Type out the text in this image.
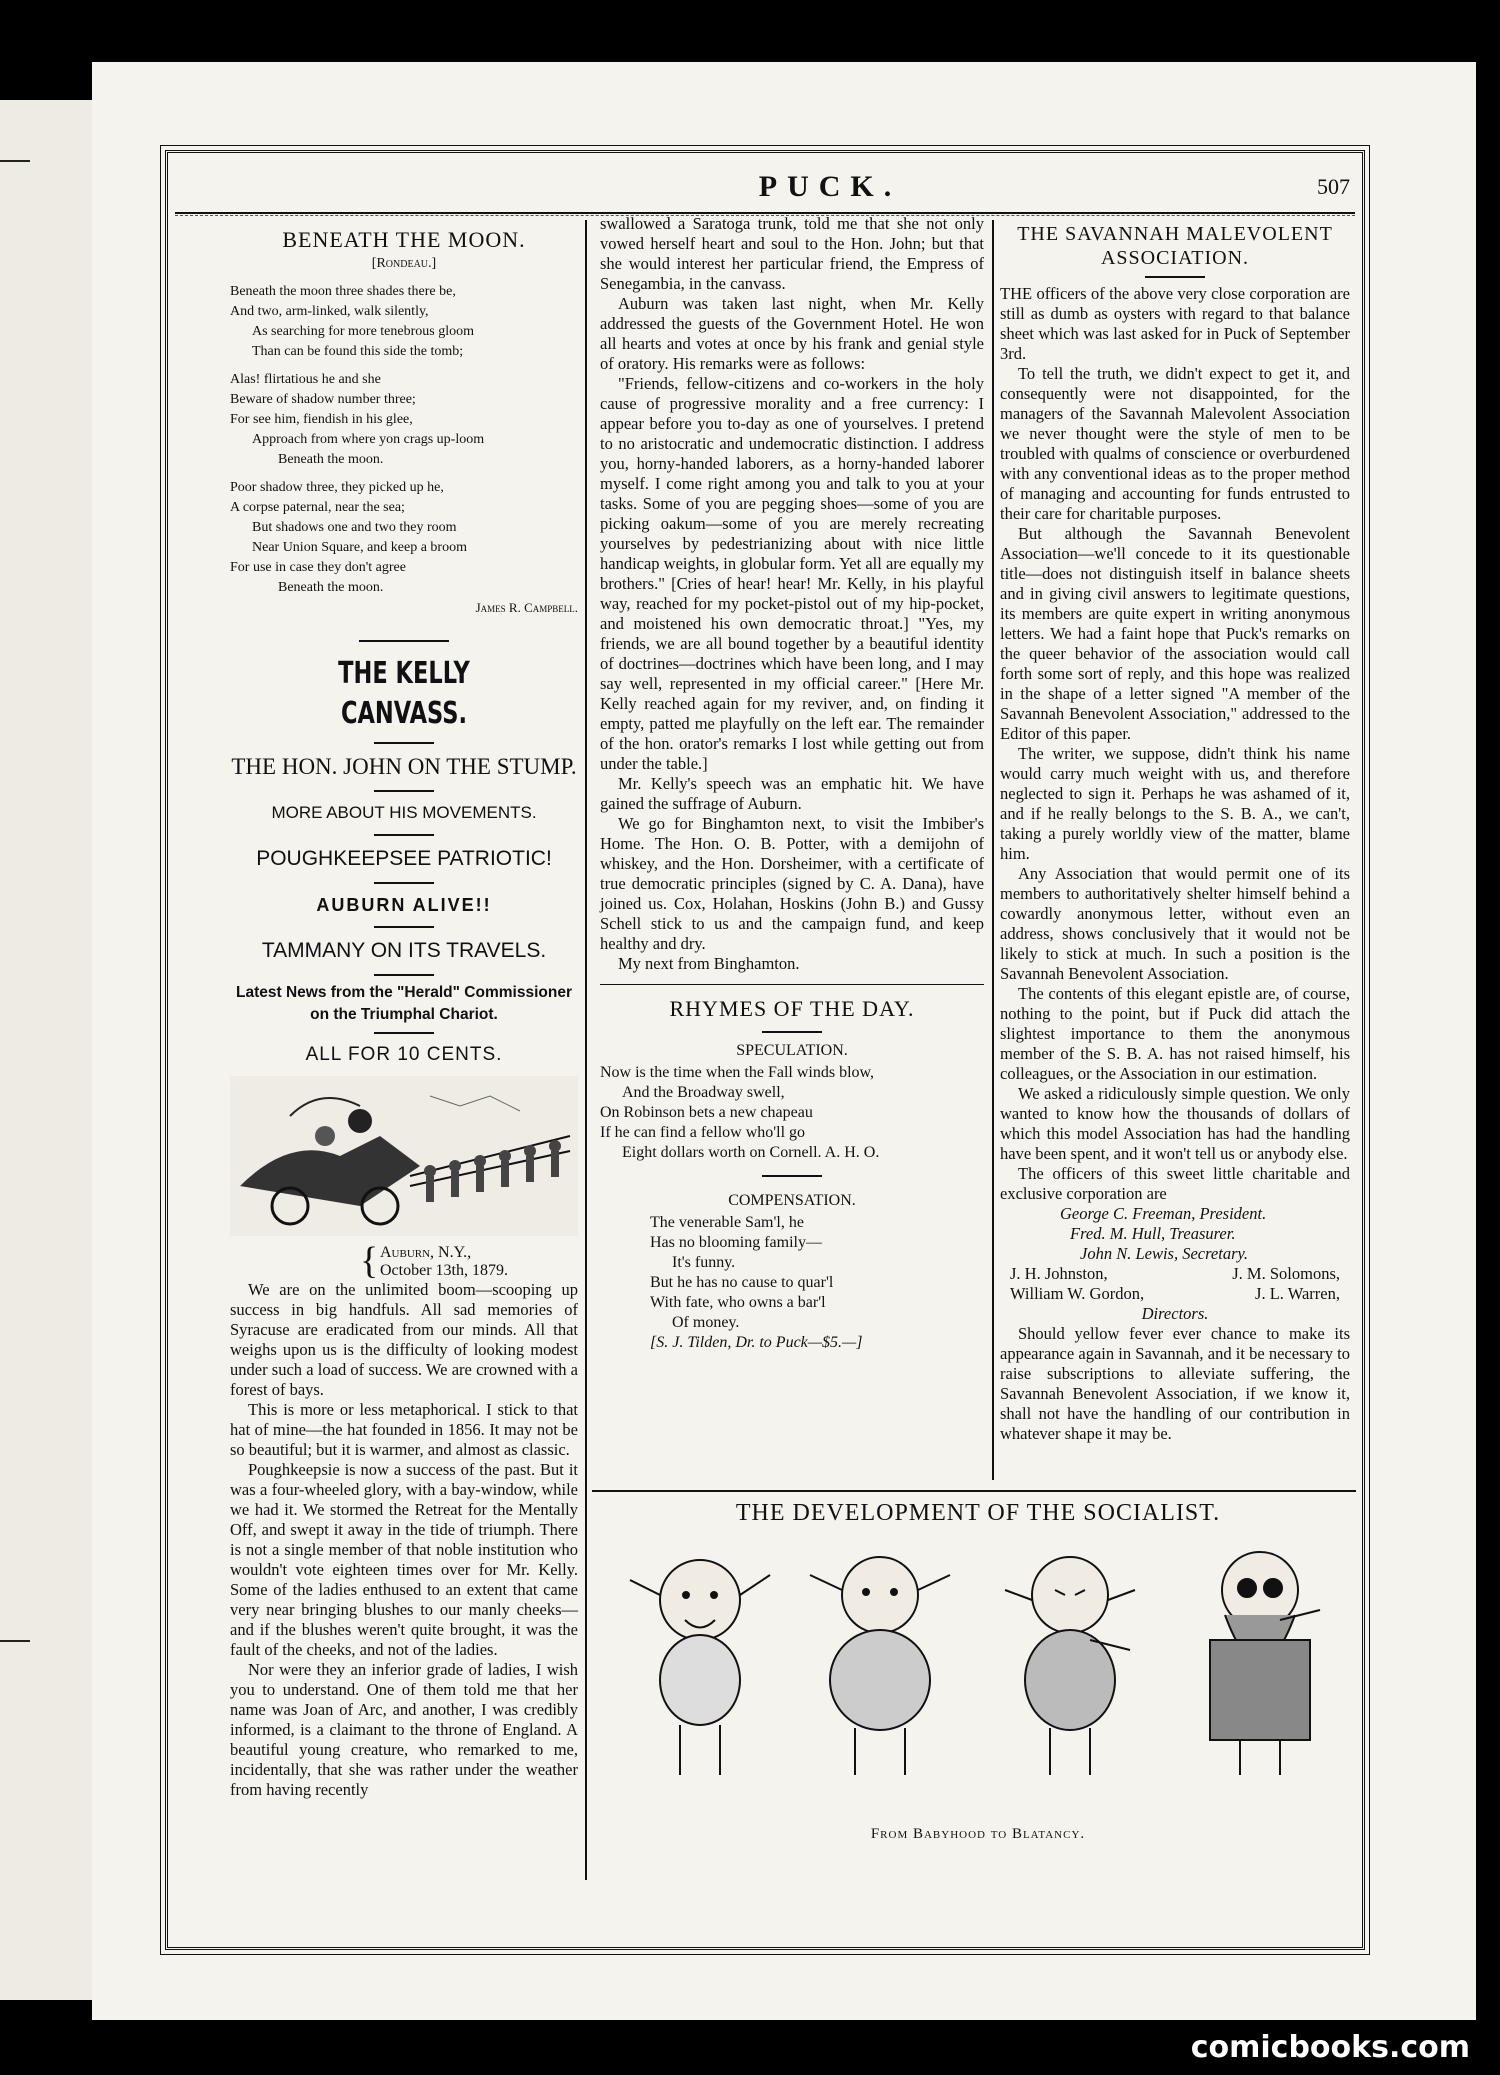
PUCK.	507
BENEATH THE MOON.
[Rondeau.]

Beneath the moon three shades there be,

And two, arm-linked, walk silently,

As searching for more tenebrous gloom

Than can be found this side the tomb;

Alas! flirtatious he and she

Beware of shadow number three;

For see him, fiendish in his glee,

Approach from where yon crags up-loom

Beneath the moon.

Poor shadow three, they picked up he,

A corpse paternal, near the sea;

But shadows one and two they room

Near Union Square, and keep a broom

For use in case they don't agree

Beneath the moon.

James R. Campbell.
THE KELLY CANVASS.
THE HON. JOHN ON THE STUMP.
MORE ABOUT HIS MOVEMENTS.
POUGHKEEPSEE PATRIOTIC!
AUBURN ALIVE!!
TAMMANY ON ITS TRAVELS.
Latest News from the "Herald" Commissioner on the Triumphal Chariot.
ALL FOR 10 CENTS.
{ Auburn, N.Y.,
October 13th, 1879.

We are on the unlimited boom—scooping up success in big handfuls. All sad memories of Syracuse are eradicated from our minds. All that weighs upon us is the difficulty of looking modest under such a load of success. We are crowned with a forest of bays.

This is more or less metaphorical. I stick to that hat of mine—the hat founded in 1856. It may not be so beautiful; but it is warmer, and almost as classic.

Poughkeepsie is now a success of the past. But it was a four-wheeled glory, with a bay-window, while we had it. We stormed the Retreat for the Mentally Off, and swept it away in the tide of triumph. There is not a single member of that noble institution who wouldn't vote eighteen times over for Mr. Kelly. Some of the ladies enthused to an extent that came very near bringing blushes to our manly cheeks—and if the blushes weren't quite brought, it was the fault of the cheeks, and not of the ladies.

Nor were they an inferior grade of ladies, I wish you to understand. One of them told me that her name was Joan of Arc, and another, I was credibly informed, is a claimant to the throne of England. A beautiful young creature, who remarked to me, incidentally, that she was rather under the weather from having recently

swallowed a Saratoga trunk, told me that she not only vowed herself heart and soul to the Hon. John; but that she would interest her particular friend, the Empress of Senegambia, in the canvass.

Auburn was taken last night, when Mr. Kelly addressed the guests of the Government Hotel. He won all hearts and votes at once by his frank and genial style of oratory. His remarks were as follows:

"Friends, fellow-citizens and co-workers in the holy cause of progressive morality and a free currency: I appear before you to-day as one of yourselves. I pretend to no aristocratic and undemocratic distinction. I address you, horny-handed laborers, as a horny-handed laborer myself. I come right among you and talk to you at your tasks. Some of you are pegging shoes—some of you are picking oakum—some of you are merely recreating yourselves by pedestrianizing about with nice little handicap weights, in globular form. Yet all are equally my brothers." [Cries of hear! hear! Mr. Kelly, in his playful way, reached for my pocket-pistol out of my hip-pocket, and moistened his own democratic throat.] "Yes, my friends, we are all bound together by a beautiful identity of doctrines—doctrines which have been long, and I may say well, represented in my official career." [Here Mr. Kelly reached again for my reviver, and, on finding it empty, patted me playfully on the left ear. The remainder of the hon. orator's remarks I lost while getting out from under the table.]

Mr. Kelly's speech was an emphatic hit. We have gained the suffrage of Auburn.

We go for Binghamton next, to visit the Imbiber's Home. The Hon. O. B. Potter, with a demijohn of whiskey, and the Hon. Dorsheimer, with a certificate of true democratic principles (signed by C. A. Dana), have joined us. Cox, Holahan, Hoskins (John B.) and Gussy Schell stick to us and the campaign fund, and keep healthy and dry.

My next from Binghamton.

RHYMES OF THE DAY.
SPECULATION.

Now is the time when the Fall winds blow,

And the Broadway swell,

On Robinson bets a new chapeau

If he can find a fellow who'll go

Eight dollars worth on Cornell. A. H. O.

COMPENSATION.

The venerable Sam'l, he

Has no blooming family—

It's funny.

But he has no cause to quar'l

With fate, who owns a bar'l

Of money.

[S. J. Tilden, Dr. to Puck—$5.—]

THE SAVANNAH MALEVOLENT ASSOCIATION.

THE officers of the above very close corporation are still as dumb as oysters with regard to that balance sheet which was last asked for in Puck of September 3rd.

To tell the truth, we didn't expect to get it, and consequently were not disappointed, for the managers of the Savannah Malevolent Association we never thought were the style of men to be troubled with qualms of conscience or overburdened with any conventional ideas as to the proper method of managing and accounting for funds entrusted to their care for charitable purposes.

But although the Savannah Benevolent Association—we'll concede to it its questionable title—does not distinguish itself in balance sheets and in giving civil answers to legitimate questions, its members are quite expert in writing anonymous letters. We had a faint hope that Puck's remarks on the queer behavior of the association would call forth some sort of reply, and this hope was realized in the shape of a letter signed "A member of the Savannah Benevolent Association," addressed to the Editor of this paper.

The writer, we suppose, didn't think his name would carry much weight with us, and therefore neglected to sign it. Perhaps he was ashamed of it, and if he really belongs to the S. B. A., we can't, taking a purely worldly view of the matter, blame him.

Any Association that would permit one of its members to authoritatively shelter himself behind a cowardly anonymous letter, without even an address, shows conclusively that it would not be likely to stick at much. In such a position is the Savannah Benevolent Association.

The contents of this elegant epistle are, of course, nothing to the point, but if Puck did attach the slightest importance to them the anonymous member of the S. B. A. has not raised himself, his colleagues, or the Association in our estimation.

We asked a ridiculously simple question. We only wanted to know how the thousands of dollars of which this model Association has had the handling have been spent, and it won't tell us or anybody else.

The officers of this sweet little charitable and exclusive corporation are

George C. Freeman, President.
Fred. M. Hull, Treasurer.
John N. Lewis, Secretary.
J. H. Johnston,	J. M. Solomons,
William W. Gordon,	J. L. Warren,
Directors.

Should yellow fever ever chance to make its appearance again in Savannah, and it be necessary to raise subscriptions to alleviate suffering, the Savannah Benevolent Association, if we know it, shall not have the handling of our contribution in whatever shape it may be.

THE DEVELOPMENT OF THE SOCIALIST.
From Babyhood to Blatancy.
comicbooks.com
